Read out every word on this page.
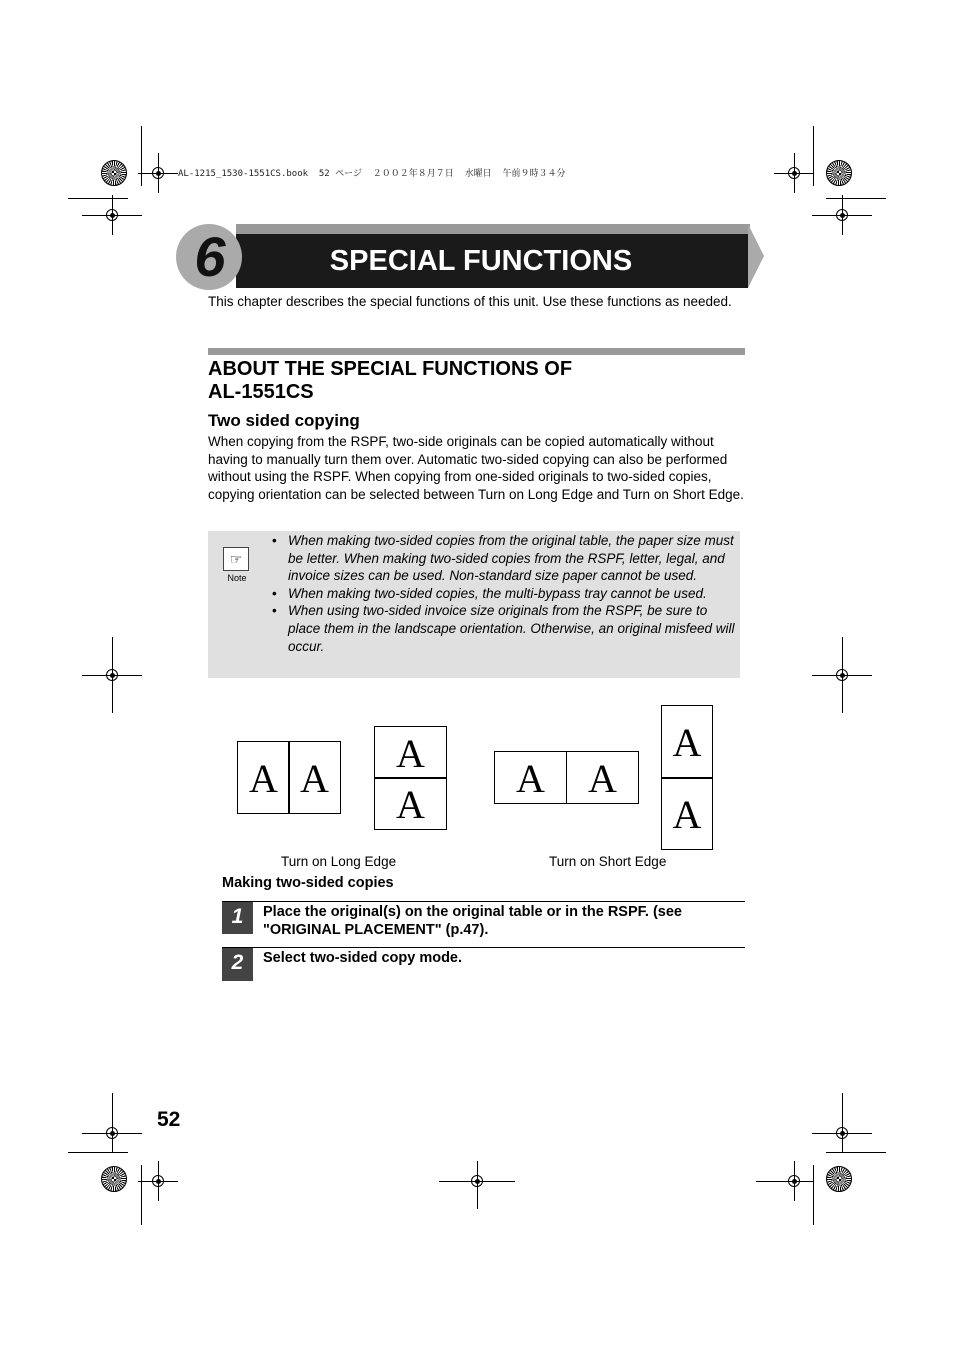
AL-1215_1530-1551CS.book  52 ページ  ２００２年８月７日  水曜日  午前９時３４分
6	SPECIAL FUNCTIONS
This chapter describes the special functions of this unit. Use these functions as needed.
ABOUT THE SPECIAL FUNCTIONS OF
AL-1551CS
Two sided copying
When copying from the RSPF, two-side originals can be copied automatically without having to manually turn them over. Automatic two-sided copying can also be performed without using the RSPF. When copying from one-sided originals to two-sided copies, copying orientation can be selected between Turn on Long Edge and Turn on Short Edge.
☞
Note
• When making two-sided copies from the original table, the paper size must be letter. When making two-sided copies from the RSPF, letter, legal, and invoice sizes can be used. Non-standard size paper cannot be used.
• When making two-sided copies, the multi-bypass tray cannot be used.
• When using two-sided invoice size originals from the RSPF, be sure to place them in the landscape orientation. Otherwise, an original misfeed will occur.
A A
A
A
Turn on Long Edge
A	A
A
A
Turn on Short Edge
Making two-sided copies
1	Place the original(s) on the original table or in the RSPF. (see "ORIGINAL PLACEMENT" (p.47).
2	Select two-sided copy mode.
52
